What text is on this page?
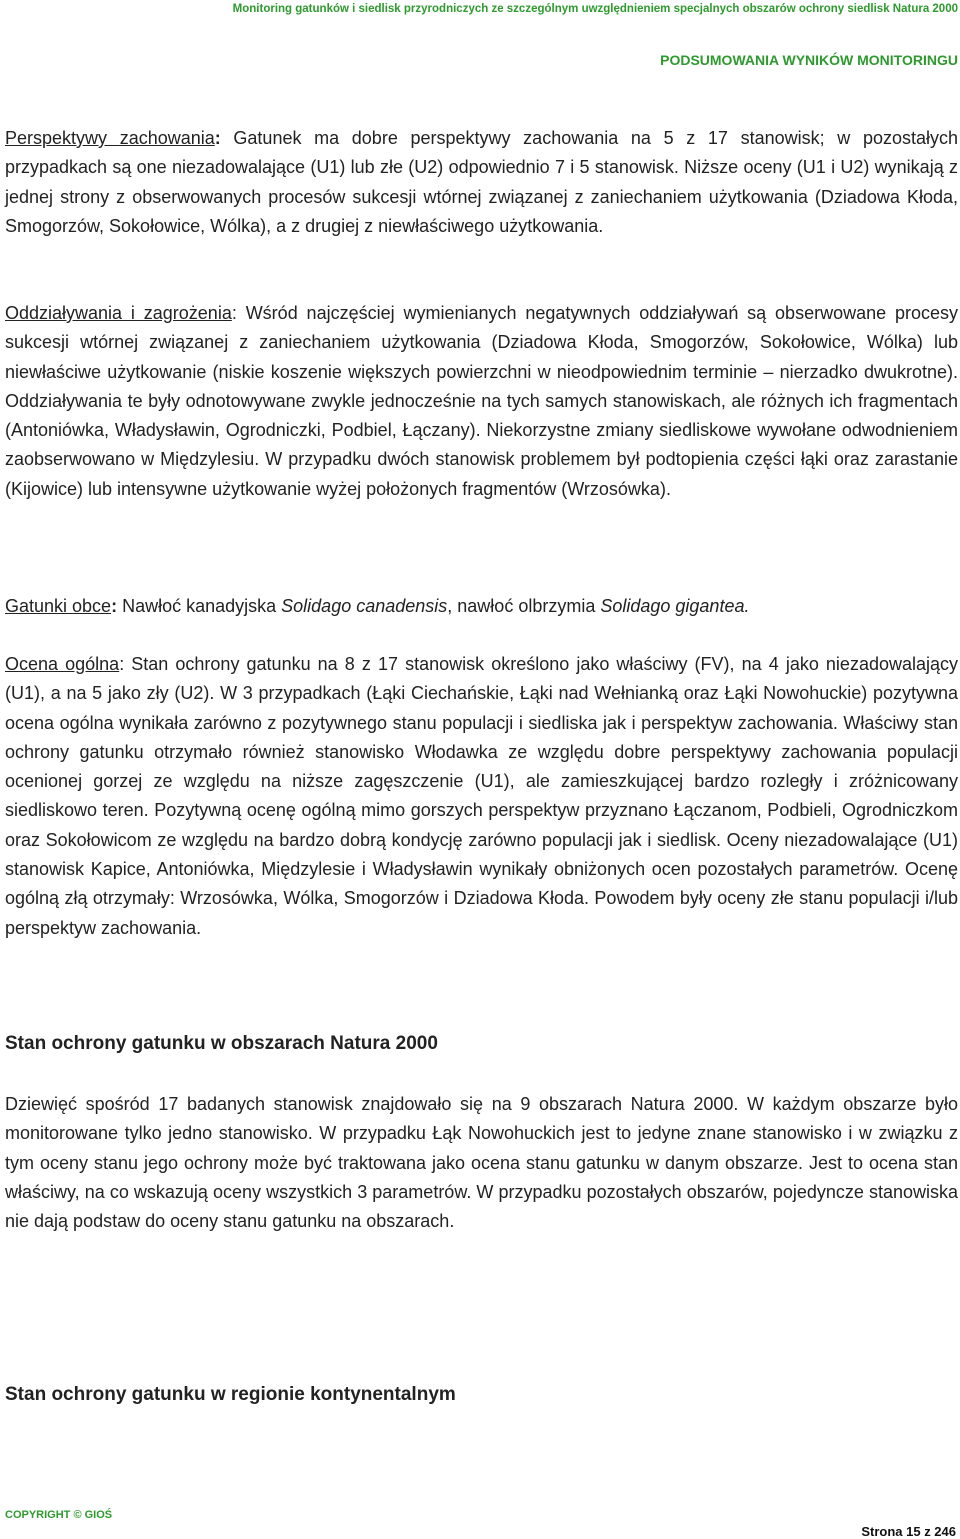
Monitoring gatunków i siedlisk przyrodniczych ze szczególnym uwzględnieniem specjalnych obszarów ochrony siedlisk Natura 2000
PODSUMOWANIA WYNIKÓW MONITORINGU

Perspektywy zachowania: Gatunek ma dobre perspektywy zachowania na 5 z 17 stanowisk; w pozostałych przypadkach są one niezadowalające (U1) lub złe (U2) odpowiednio 7 i 5 stanowisk. Niższe oceny (U1 i U2) wynikają z jednej strony z obserwowanych procesów sukcesji wtórnej związanej z zaniechaniem użytkowania (Dziadowa Kłoda, Smogorzów, Sokołowice, Wólka), a z drugiej z niewłaściwego użytkowania.

Oddziaływania i zagrożenia: Wśród najczęściej wymienianych negatywnych oddziaływań są obserwowane procesy sukcesji wtórnej związanej z zaniechaniem użytkowania (Dziadowa Kłoda, Smogorzów, Sokołowice, Wólka) lub niewłaściwe użytkowanie (niskie koszenie większych powierzchni w nieodpowiednim terminie – nierzadko dwukrotne). Oddziaływania te były odnotowywane zwykle jednocześnie na tych samych stanowiskach, ale różnych ich fragmentach (Antoniówka, Władysławin, Ogrodniczki, Podbiel, Łączany). Niekorzystne zmiany siedliskowe wywołane odwodnieniem zaobserwowano w Międzylesiu. W przypadku dwóch stanowisk problemem był podtopienia części łąki oraz zarastanie (Kijowice) lub intensywne użytkowanie wyżej położonych fragmentów (Wrzosówka).

Gatunki obce: Nawłoć kanadyjska Solidago canadensis, nawłoć olbrzymia Solidago gigantea.

Ocena ogólna: Stan ochrony gatunku na 8 z 17 stanowisk określono jako właściwy (FV), na 4 jako niezadowalający (U1), a na 5 jako zły (U2). W 3 przypadkach (Łąki Ciechańskie, Łąki nad Wełnianką oraz Łąki Nowohuckie) pozytywna ocena ogólna wynikała zarówno z pozytywnego stanu populacji i siedliska jak i perspektyw zachowania. Właściwy stan ochrony gatunku otrzymało również stanowisko Włodawka ze względu dobre perspektywy zachowania populacji ocenionej gorzej ze względu na niższe zagęszczenie (U1), ale zamieszkującej bardzo rozległy i zróżnicowany siedliskowo teren. Pozytywną ocenę ogólną mimo gorszych perspektyw przyznano Łączanom, Podbieli, Ogrodniczkom oraz Sokołowicom ze względu na bardzo dobrą kondycję zarówno populacji jak i siedlisk. Oceny niezadowalające (U1) stanowisk Kapice, Antoniówka, Międzylesie i Władysławin wynikały obniżonych ocen pozostałych parametrów. Ocenę ogólną złą otrzymały: Wrzosówka, Wólka, Smogorzów i Dziadowa Kłoda. Powodem były oceny złe stanu populacji i/lub perspektyw zachowania.

Stan ochrony gatunku w obszarach Natura 2000

Dziewięć spośród 17 badanych stanowisk znajdowało się na 9 obszarach Natura 2000. W każdym obszarze było monitorowane tylko jedno stanowisko. W przypadku Łąk Nowohuckich jest to jedyne znane stanowisko i w związku z tym oceny stanu jego ochrony może być traktowana jako ocena stanu gatunku w danym obszarze. Jest to ocena stan właściwy, na co wskazują oceny wszystkich 3 parametrów. W przypadku pozostałych obszarów, pojedyncze stanowiska nie dają podstaw do oceny stanu gatunku na obszarach.

Stan ochrony gatunku w regionie kontynentalnym
COPYRIGHT © GIOŚ
Strona 15 z 246
